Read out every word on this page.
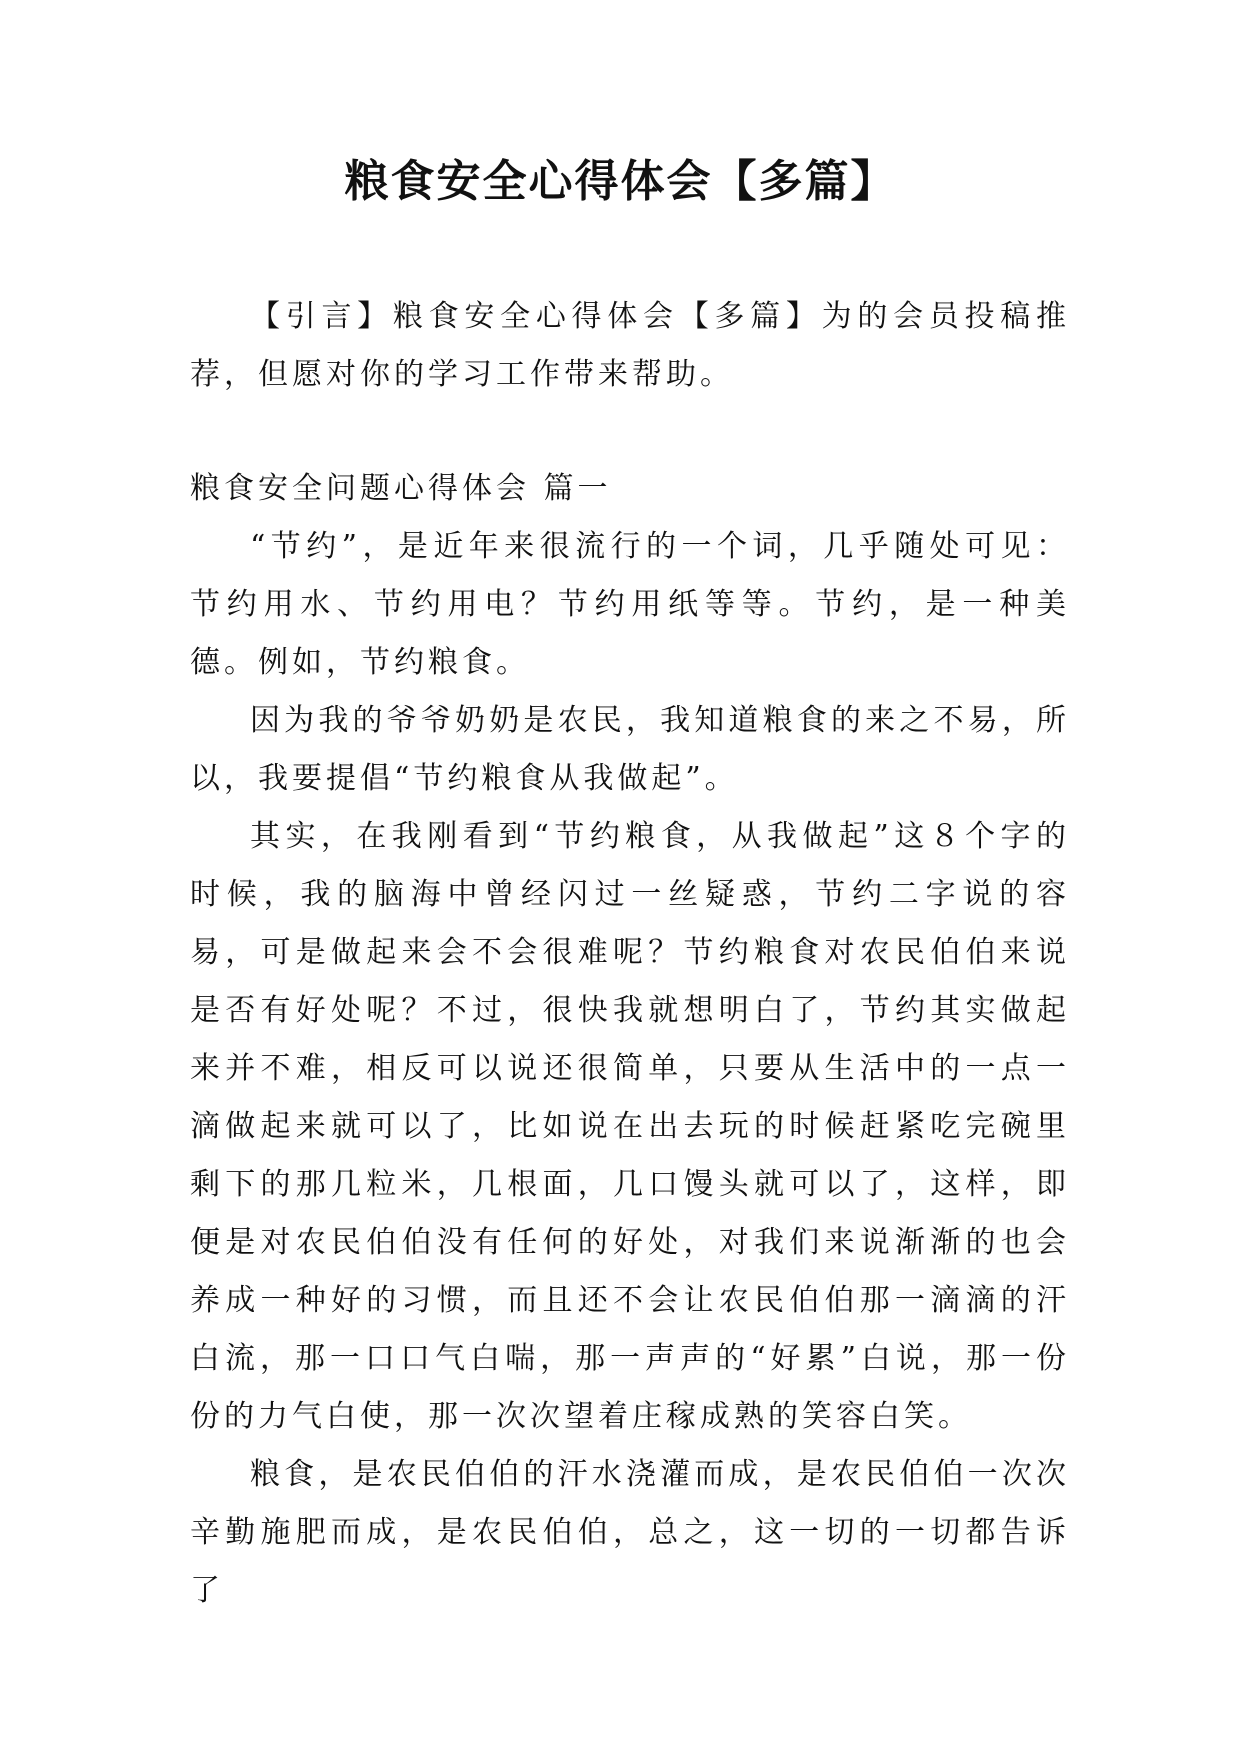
粮食安全心得体会【多篇】

【引言】粮食安全心得体会【多篇】为的会员投稿推荐，但愿对你的学习工作带来帮助。

粮食安全问题心得体会 篇一

“节约”，是近年来很流行的一个词，几乎随处可见：节约用水、节约用电？节约用纸等等。节约，是一种美德。例如，节约粮食。

因为我的爷爷奶奶是农民，我知道粮食的来之不易，所以，我要提倡“节约粮食从我做起”。

其实，在我刚看到“节约粮食，从我做起”这８个字的时候，我的脑海中曾经闪过一丝疑惑，节约二字说的容易，可是做起来会不会很难呢？节约粮食对农民伯伯来说是否有好处呢？不过，很快我就想明白了，节约其实做起来并不难，相反可以说还很简单，只要从生活中的一点一滴做起来就可以了，比如说在出去玩的时候赶紧吃完碗里剩下的那几粒米，几根面，几口馒头就可以了，这样，即便是对农民伯伯没有任何的好处，对我们来说渐渐的也会养成一种好的习惯，而且还不会让农民伯伯那一滴滴的汗白流，那一口口气白喘，那一声声的“好累”白说，那一份份的力气白使，那一次次望着庄稼成熟的笑容白笑。

粮食，是农民伯伯的汗水浇灌而成，是农民伯伯一次次辛勤施肥而成，是农民伯伯，总之，这一切的一切都告诉了
